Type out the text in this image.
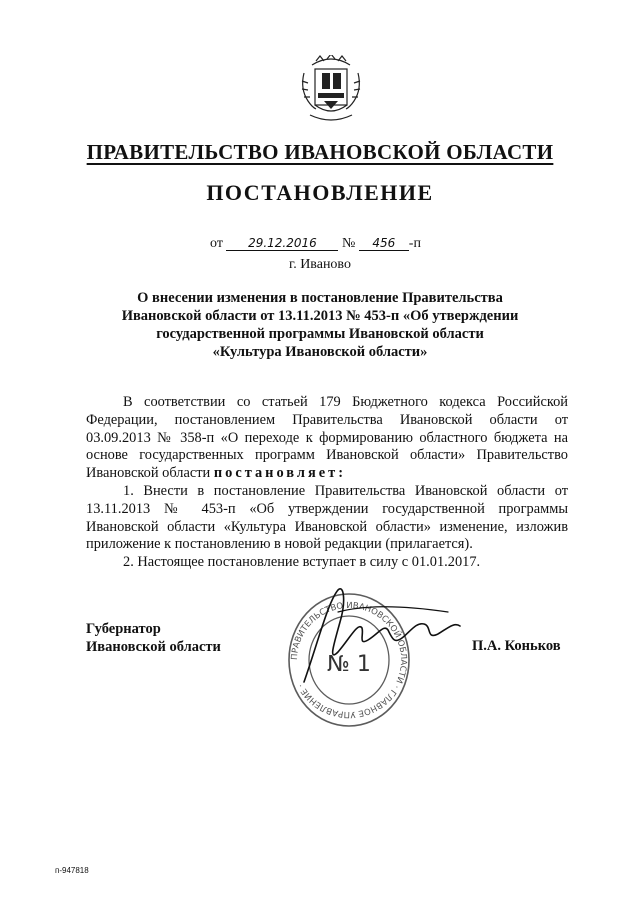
ПРАВИТЕЛЬСТВО ИВАНОВСКОЙ ОБЛАСТИ
ПОСТАНОВЛЕНИЕ
от 29.12.2016 № 456 -п
г. Иваново
О внесении изменения в постановление Правительства
Ивановской области от 13.11.2013 № 453-п «Об утверждении
государственной программы Ивановской области
«Культура Ивановской области»

В соответствии со статьей 179 Бюджетного кодекса Российской Федерации, постановлением Правительства Ивановской области от 03.09.2013 № 358-п «О переходе к формированию областного бюджета на основе государственных программ Ивановской области» Правительство Ивановской области постановляет:

1. Внести в постановление Правительства Ивановской области от 13.11.2013 № 453-п «Об утверждении государственной программы Ивановской области «Культура Ивановской области» изменение, изложив приложение к постановлению в новой редакции (прилагается).

2. Настоящее постановление вступает в силу с 01.01.2017.

Губернатор
Ивановской области
ПРАВИТЕЛЬСТВО ИВАНОВСКОЙ ОБЛАСТИ · ГЛАВНОЕ УПРАВЛЕНИЕ ·
№ 1
П.А. Коньков
п-947818
